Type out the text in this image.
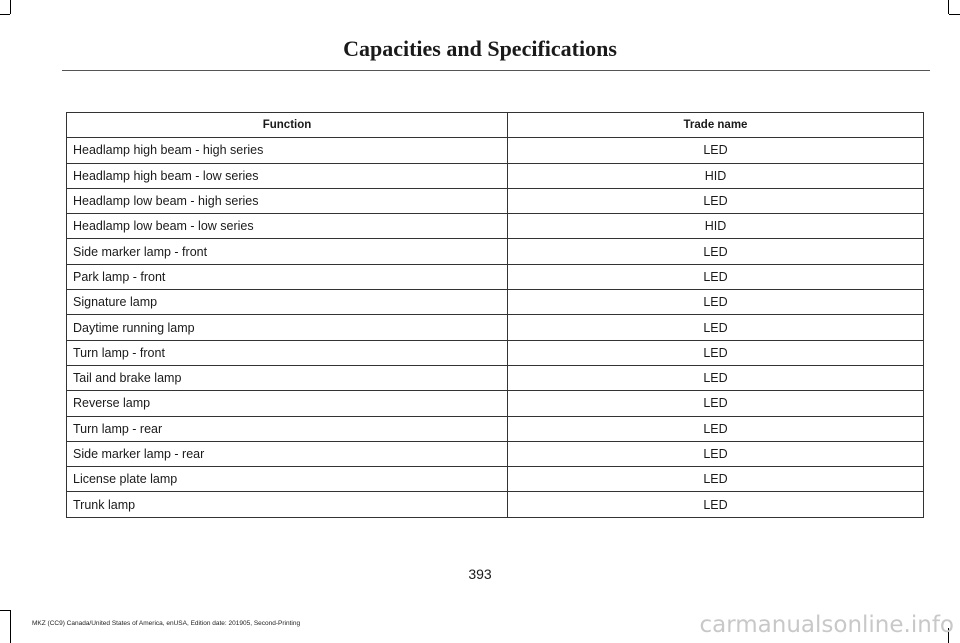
Capacities and Specifications
Function	Trade name
Headlamp high beam - high series	LED
Headlamp high beam - low series	HID
Headlamp low beam - high series	LED
Headlamp low beam - low series	HID
Side marker lamp - front	LED
Park lamp - front	LED
Signature lamp	LED
Daytime running lamp	LED
Turn lamp - front	LED
Tail and brake lamp	LED
Reverse lamp	LED
Turn lamp - rear	LED
Side marker lamp - rear	LED
License plate lamp	LED
Trunk lamp	LED
393
MKZ (CC9) Canada/United States of America, enUSA, Edition date: 201905, Second-Printing	carmanualsonline.info
